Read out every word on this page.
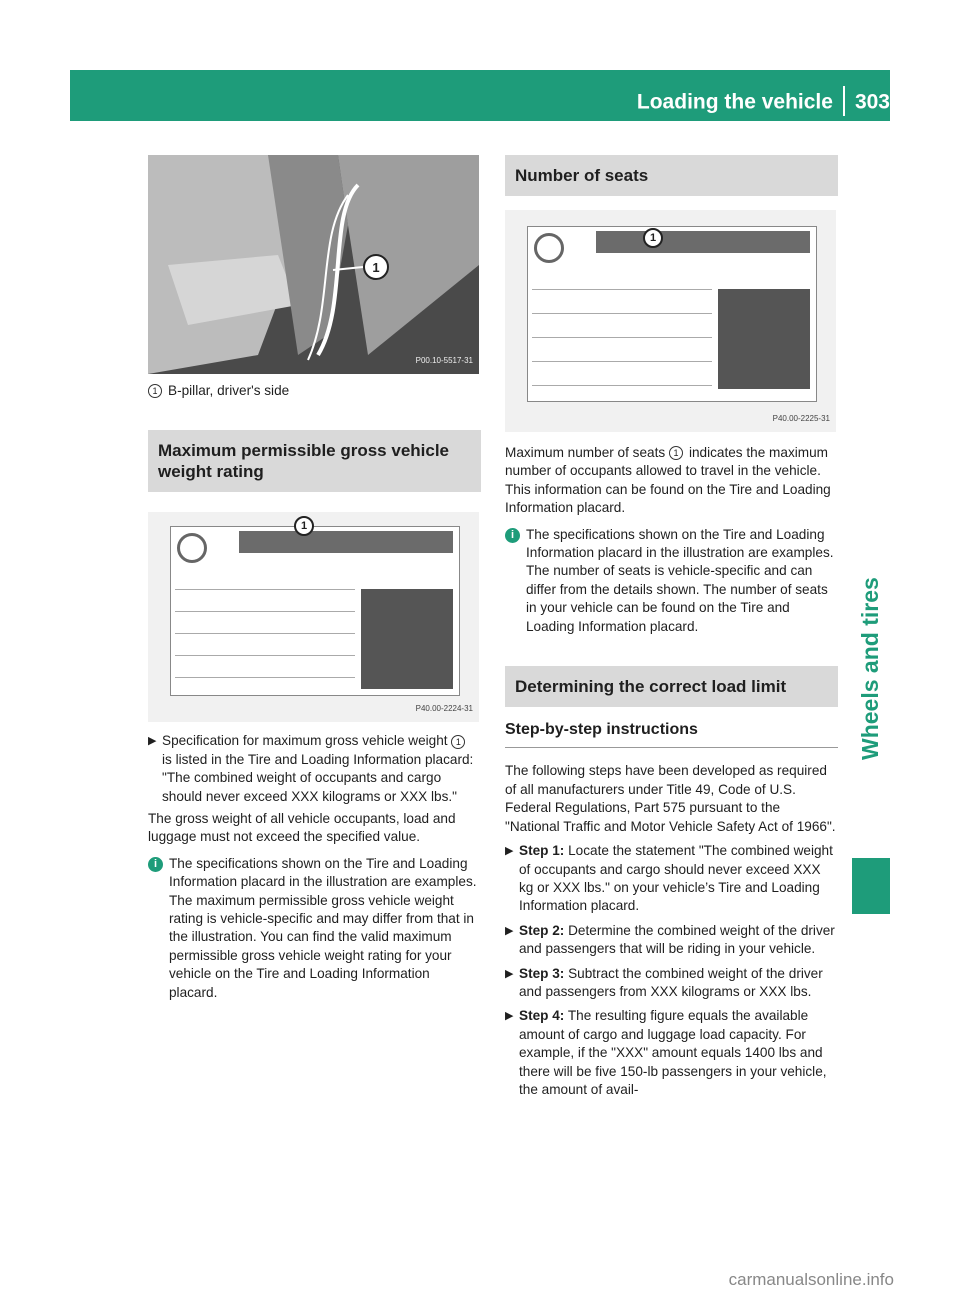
Loading the vehicle 303
Wheels and tires
1
P00.10-5517-31
1 B-pillar, driver's side
Maximum permissible gross vehicle weight rating
1
P40.00-2224-31
▶ Specification for maximum gross vehicle weight 1is listed in the Tire and Loading Information placard: "The combined weight of occupants and cargo should never exceed XXX kilograms or XXX lbs."

The gross weight of all vehicle occupants, load and luggage must not exceed the specified value.

i The specifications shown on the Tire and Loading Information placard in the illustration are examples. The maximum permissible gross vehicle weight rating is vehicle-specific and may differ from that in the illustration. You can find the valid maximum permissible gross vehicle weight rating for your vehicle on the Tire and Loading Information placard.
Number of seats
1
P40.00-2225-31

Maximum number of seats 1 indicates the maximum number of occupants allowed to travel in the vehicle. This information can be found on the Tire and Loading Information placard.

i The specifications shown on the Tire and Loading Information placard in the illustration are examples. The number of seats is vehicle-specific and can differ from the details shown. The number of seats in your vehicle can be found on the Tire and Loading Information placard.
Determining the correct load limit
Step-by-step instructions

The following steps have been developed as required of all manufacturers under Title 49, Code of U.S. Federal Regulations, Part 575 pursuant to the "National Traffic and Motor Vehicle Safety Act of 1966".

▶ Step 1: Locate the statement "The combined weight of occupants and cargo should never exceed XXX kg or XXX lbs." on your vehicle’s Tire and Loading Information placard.
▶ Step 2: Determine the combined weight of the driver and passengers that will be riding in your vehicle.
▶ Step 3: Subtract the combined weight of the driver and passengers from XXX kilograms or XXX lbs.
▶ Step 4: The resulting figure equals the available amount of cargo and luggage load capacity. For example, if the "XXX" amount equals 1400 lbs and there will be five 150-lb passengers in your vehicle, the amount of avail-
carmanualsonline.info
